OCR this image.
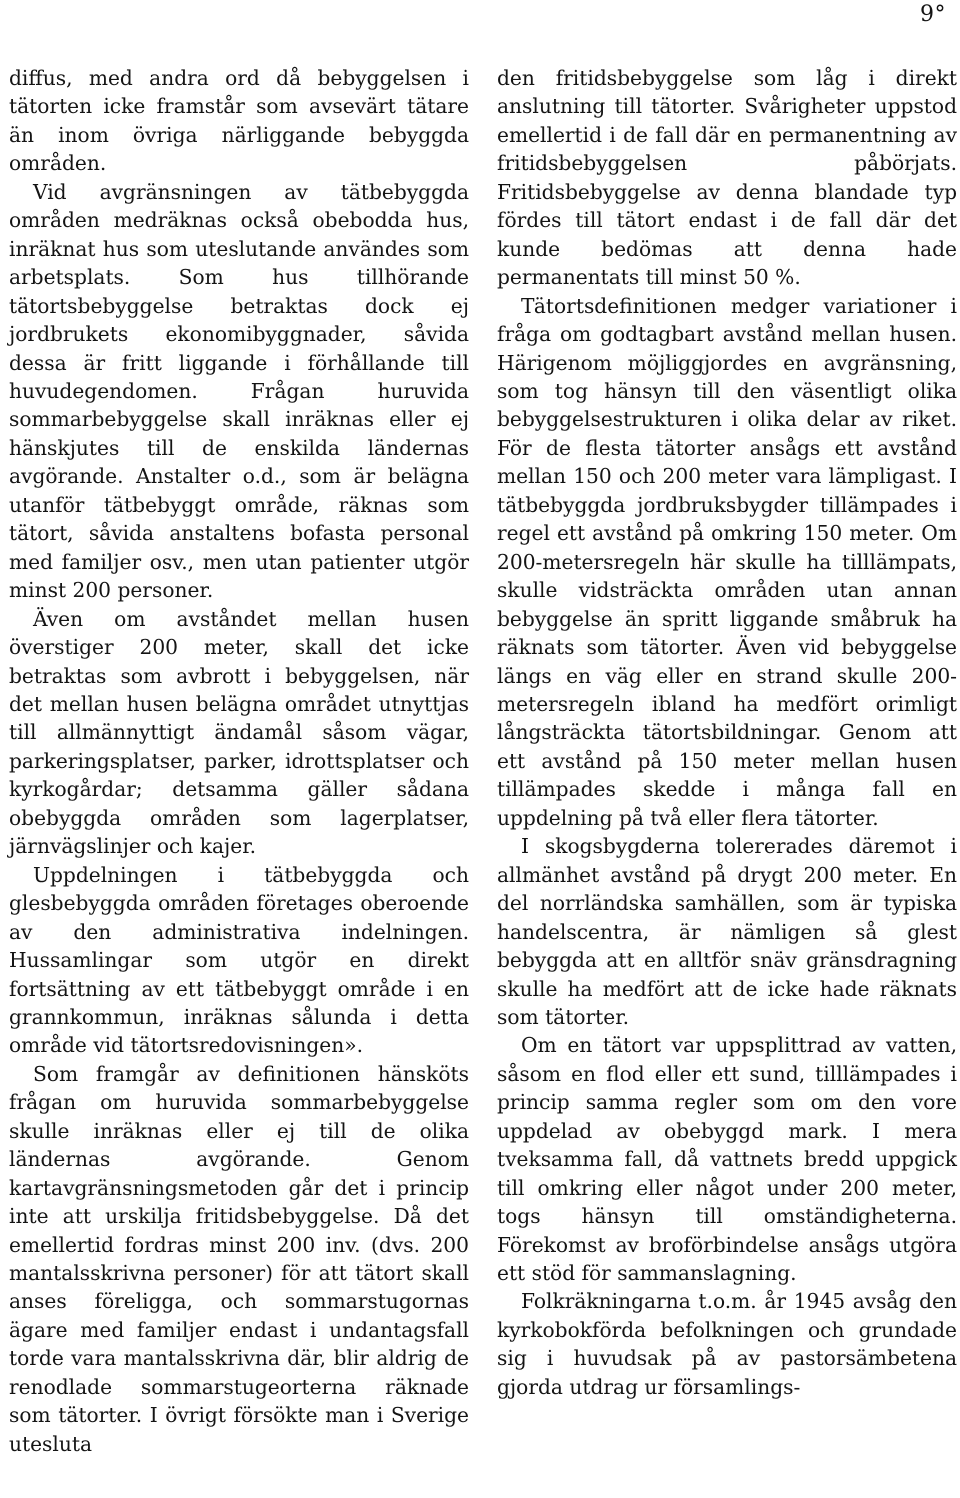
9°

diffus, med andra ord då bebyggelsen i tätorten icke framstår som avsevärt tätare än inom övriga närliggande bebyggda områden.

Vid avgränsningen av tätbebyggda områden medräknas också obebodda hus, inräknat hus som uteslutande användes som arbetsplats. Som hus tillhörande tätortsbebyggelse betraktas dock ej jordbrukets ekonomibyggnader, såvida dessa är fritt liggande i förhållande till huvudegendomen. Frågan huruvida sommarbebyggelse skall inräknas eller ej hänskjutes till de enskilda ländernas avgörande. Anstalter o.d., som är belägna utanför tätbebyggt område, räknas som tätort, såvida anstaltens bofasta personal med familjer osv., men utan patienter utgör minst 200 personer.

Även om avståndet mellan husen överstiger 200 meter, skall det icke betraktas som avbrott i bebyggelsen, när det mellan husen belägna området utnyttjas till allmännyttigt ändamål såsom vägar, parkeringsplatser, parker, idrottsplatser och kyrkogårdar; detsamma gäller sådana obebyggda områden som lagerplatser, järnvägslinjer och kajer.

Uppdelningen i tätbebyggda och glesbebyggda områden företages oberoende av den administrativa indelningen. Hussamlingar som utgör en direkt fortsättning av ett tätbebyggt område i en grannkommun, inräknas sålunda i detta område vid tätortsredovisningen».

Som framgår av definitionen hänsköts frågan om huruvida sommarbebyggelse skulle inräknas eller ej till de olika ländernas avgörande. Genom kartavgränsningsmetoden går det i princip inte att urskilja fritidsbebyggelse. Då det emellertid fordras minst 200 inv. (dvs. 200 mantalsskrivna personer) för att tätort skall anses föreligga, och sommarstugornas ägare med familjer endast i undantagsfall torde vara mantalsskrivna där, blir aldrig de renodlade sommarstugeorterna räknade som tätorter. I övrigt försökte man i Sverige utesluta

den fritidsbebyggelse som låg i direkt anslutning till tätorter. Svårigheter uppstod emellertid i de fall där en permanentning av fritidsbebyggelsen påbörjats. Fritidsbebyggelse av denna blandade typ fördes till tätort endast i de fall där det kunde bedömas att denna hade permanentats till minst 50 %.

Tätortsdefinitionen medger variationer i fråga om godtagbart avstånd mellan husen. Härigenom möjliggjordes en avgränsning, som tog hänsyn till den väsentligt olika bebyggelsestrukturen i olika delar av riket. För de flesta tätorter ansågs ett avstånd mellan 150 och 200 meter vara lämpligast. I tätbebyggda jordbruksbygder tillämpades i regel ett avstånd på omkring 150 meter. Om 200-metersregeln här skulle ha tilllämpats, skulle vidsträckta områden utan annan bebyggelse än spritt liggande småbruk ha räknats som tätorter. Även vid bebyggelse längs en väg eller en strand skulle 200-metersregeln ibland ha medfört orimligt långsträckta tätortsbildningar. Genom att ett avstånd på 150 meter mellan husen tillämpades skedde i många fall en uppdelning på två eller flera tätorter.

I skogsbygderna tolererades däremot i allmänhet avstånd på drygt 200 meter. En del norrländska samhällen, som är typiska handelscentra, är nämligen så glest bebyggda att en alltför snäv gränsdragning skulle ha medfört att de icke hade räknats som tätorter.

Om en tätort var uppsplittrad av vatten, såsom en flod eller ett sund, tilllämpades i princip samma regler som om den vore uppdelad av obebyggd mark. I mera tveksamma fall, då vattnets bredd uppgick till omkring eller något under 200 meter, togs hänsyn till omständigheterna. Förekomst av broförbindelse ansågs utgöra ett stöd för sammanslagning.

Folkräkningarna t.o.m. år 1945 avsåg den kyrkobokförda befolkningen och grundade sig i huvudsak på av pastorsämbetena gjorda utdrag ur församlings-
